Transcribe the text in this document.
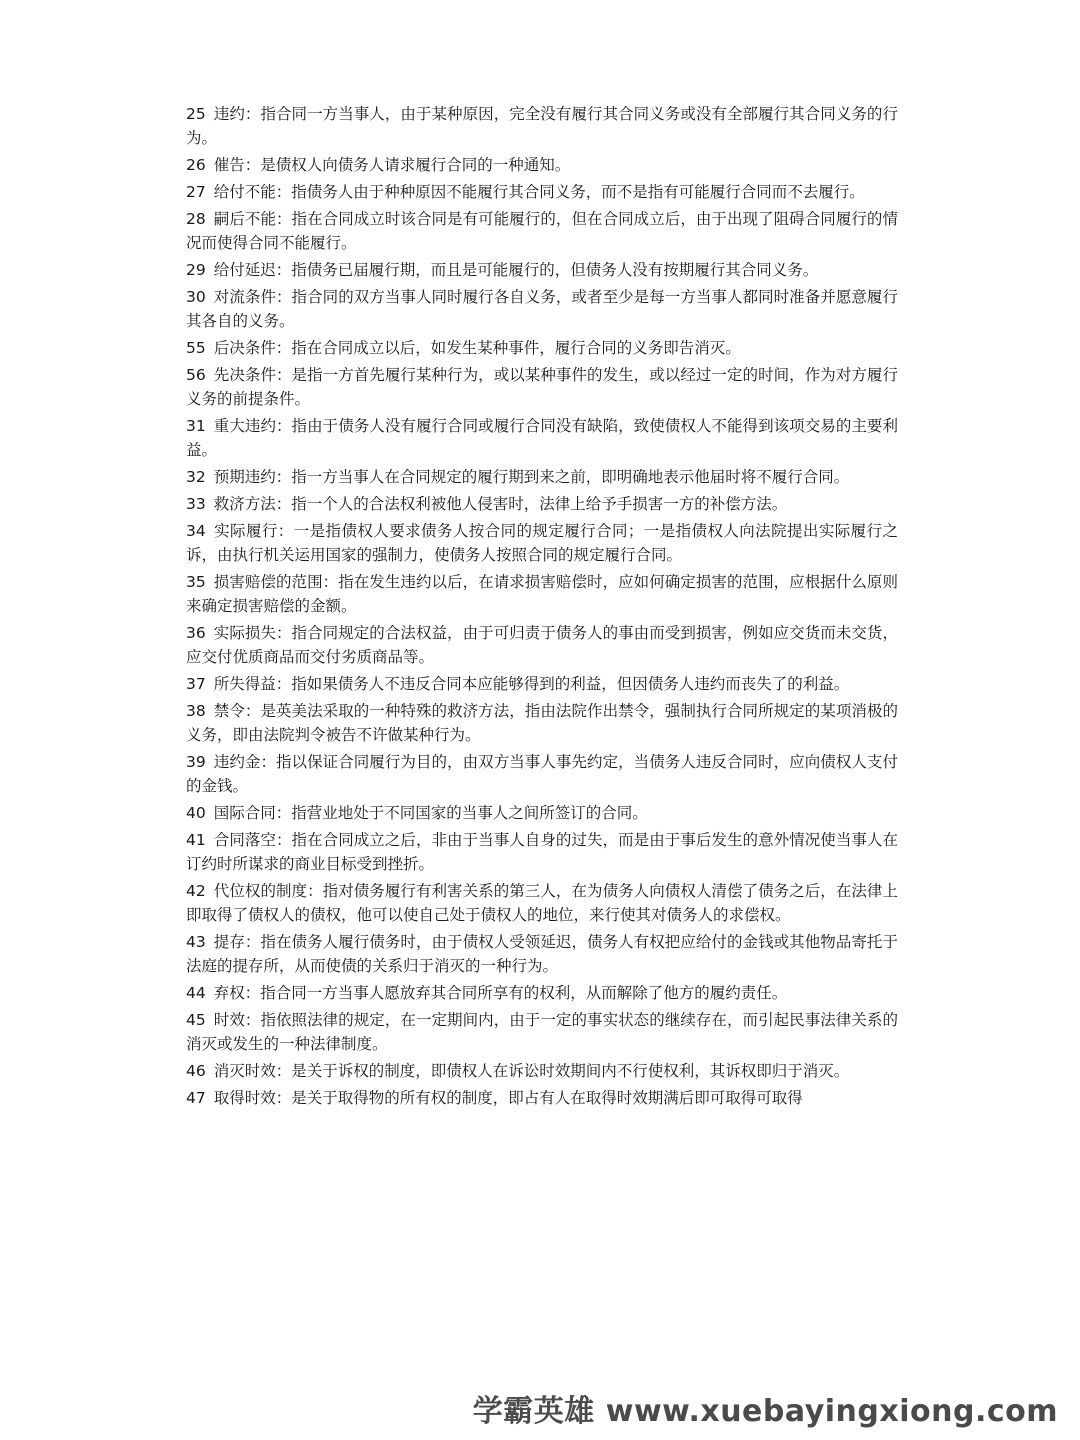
25 违约：指合同一方当事人，由于某种原因，完全没有履行其合同义务或没有全部履行其合同义务的行为。

26 催告：是债权人向债务人请求履行合同的一种通知。

27 给付不能：指债务人由于种种原因不能履行其合同义务，而不是指有可能履行合同而不去履行。

28 嗣后不能：指在合同成立时该合同是有可能履行的，但在合同成立后，由于出现了阻碍合同履行的情况而使得合同不能履行。

29 给付延迟：指债务已届履行期，而且是可能履行的，但债务人没有按期履行其合同义务。

30 对流条件：指合同的双方当事人同时履行各自义务，或者至少是每一方当事人都同时准备并愿意履行其各自的义务。

55 后决条件：指在合同成立以后，如发生某种事件，履行合同的义务即告消灭。

56 先决条件：是指一方首先履行某种行为，或以某种事件的发生，或以经过一定的时间，作为对方履行义务的前提条件。

31 重大违约：指由于债务人没有履行合同或履行合同没有缺陷，致使债权人不能得到该项交易的主要利益。

32 预期违约：指一方当事人在合同规定的履行期到来之前，即明确地表示他届时将不履行合同。

33 救济方法：指一个人的合法权利被他人侵害时，法律上给予手损害一方的补偿方法。

34 实际履行：一是指债权人要求债务人按合同的规定履行合同；一是指债权人向法院提出实际履行之诉，由执行机关运用国家的强制力，使债务人按照合同的规定履行合同。

35 损害赔偿的范围：指在发生违约以后，在请求损害赔偿时，应如何确定损害的范围，应根据什么原则来确定损害赔偿的金额。

36 实际损失：指合同规定的合法权益，由于可归责于债务人的事由而受到损害，例如应交货而未交货，应交付优质商品而交付劣质商品等。

37 所失得益：指如果债务人不违反合同本应能够得到的利益，但因债务人违约而丧失了的利益。

38 禁令：是英美法采取的一种特殊的救济方法，指由法院作出禁令，强制执行合同所规定的某项消极的义务，即由法院判令被告不许做某种行为。

39 违约金：指以保证合同履行为目的，由双方当事人事先约定，当债务人违反合同时，应向债权人支付的金钱。

40 国际合同：指营业地处于不同国家的当事人之间所签订的合同。

41 合同落空：指在合同成立之后，非由于当事人自身的过失，而是由于事后发生的意外情况使当事人在订约时所谋求的商业目标受到挫折。

42 代位权的制度：指对债务履行有利害关系的第三人，在为债务人向债权人清偿了债务之后，在法律上即取得了债权人的债权，他可以使自己处于债权人的地位，来行使其对债务人的求偿权。

43 提存：指在债务人履行债务时，由于债权人受领延迟，债务人有权把应给付的金钱或其他物品寄托于法庭的提存所，从而使债的关系归于消灭的一种行为。

44 弃权：指合同一方当事人愿放弃其合同所享有的权利，从而解除了他方的履约责任。

45 时效：指依照法律的规定，在一定期间内，由于一定的事实状态的继续存在，而引起民事法律关系的消灭或发生的一种法律制度。

46 消灭时效：是关于诉权的制度，即债权人在诉讼时效期间内不行使权利，其诉权即归于消灭。

47 取得时效：是关于取得物的所有权的制度，即占有人在取得时效期满后即可取得可取得

学霸英雄 www.xuebayingxiong.com
